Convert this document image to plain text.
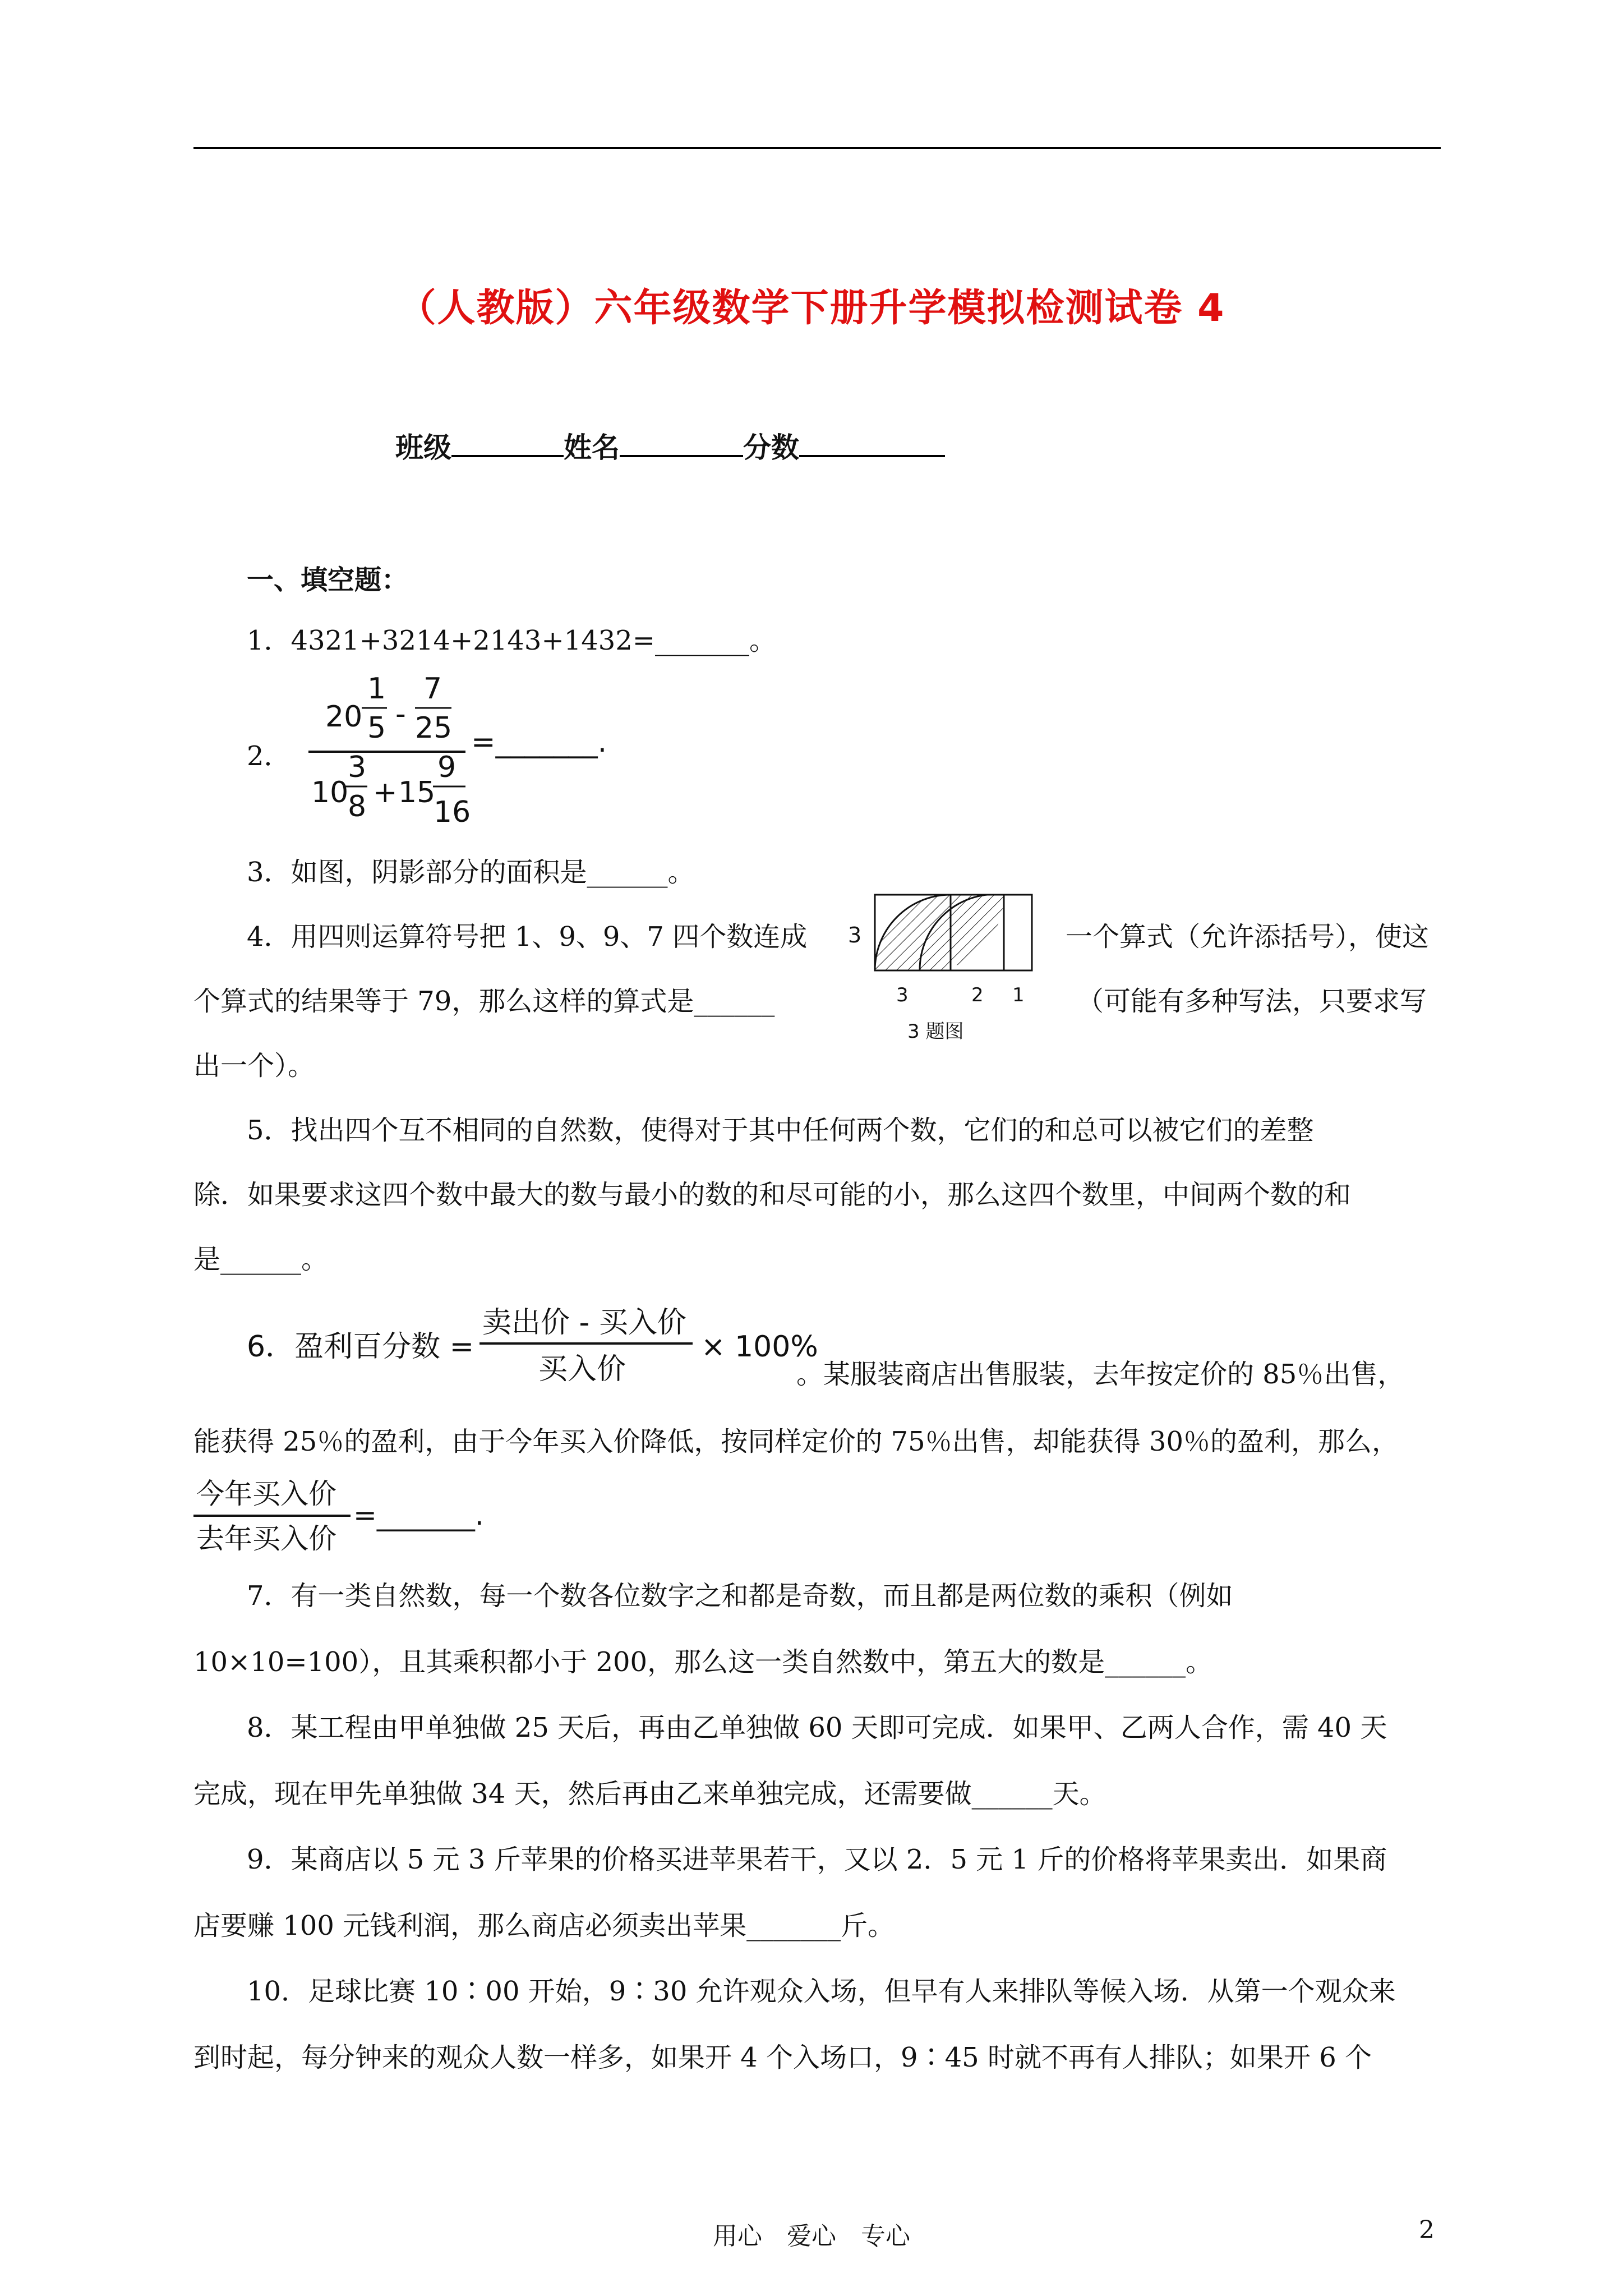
（人教版）六年级数学下册升学模拟检测试卷 4
班级	姓名	分数
一、填空题：
1．4321+3214+2143+1432=_______。
2．
20
1
5 -
7
25
10
3
8 + 15
9
16
=_______.
3．如图，阴影部分的面积是______。
4．用四则运算符号把 1、9、9、7 四个数连成	一个算式（允许添括号），使这
个算式的结果等于 79，那么这样的算式是______	（可能有多种写法，只要求写
出一个）。
3
3	2 1
3 题图
5．找出四个互不相同的自然数，使得对于其中任何两个数，它们的和总可以被它们的差整
除．如果要求这四个数中最大的数与最小的数的和尽可能的小，那么这四个数里，中间两个数的和
是______。
6．盈利百分数 =
卖出价 - 买入价
买入价
× 100%
。某服装商店出售服装，去年按定价的 85％出售，
能获得 25％的盈利，由于今年买入价降低，按同样定价的 75％出售，却能获得 30％的盈利，那么，
今年买入价
去年买入价
=_______.
7．有一类自然数，每一个数各位数字之和都是奇数，而且都是两位数的乘积（例如
10×10=100），且其乘积都小于 200，那么这一类自然数中，第五大的数是______。
8．某工程由甲单独做 25 天后，再由乙单独做 60 天即可完成．如果甲、乙两人合作，需 40 天
完成，现在甲先单独做 34 天，然后再由乙来单独完成，还需要做______天。
9．某商店以 5 元 3 斤苹果的价格买进苹果若干，又以 2．5 元 1 斤的价格将苹果卖出．如果商
店要赚 100 元钱利润，那么商店必须卖出苹果_______斤。
10．足球比赛 10∶00 开始，9∶30 允许观众入场，但早有人来排队等候入场．从第一个观众来
到时起，每分钟来的观众人数一样多，如果开 4 个入场口，9∶45 时就不再有人排队；如果开 6 个
用心　爱心　专心	2
